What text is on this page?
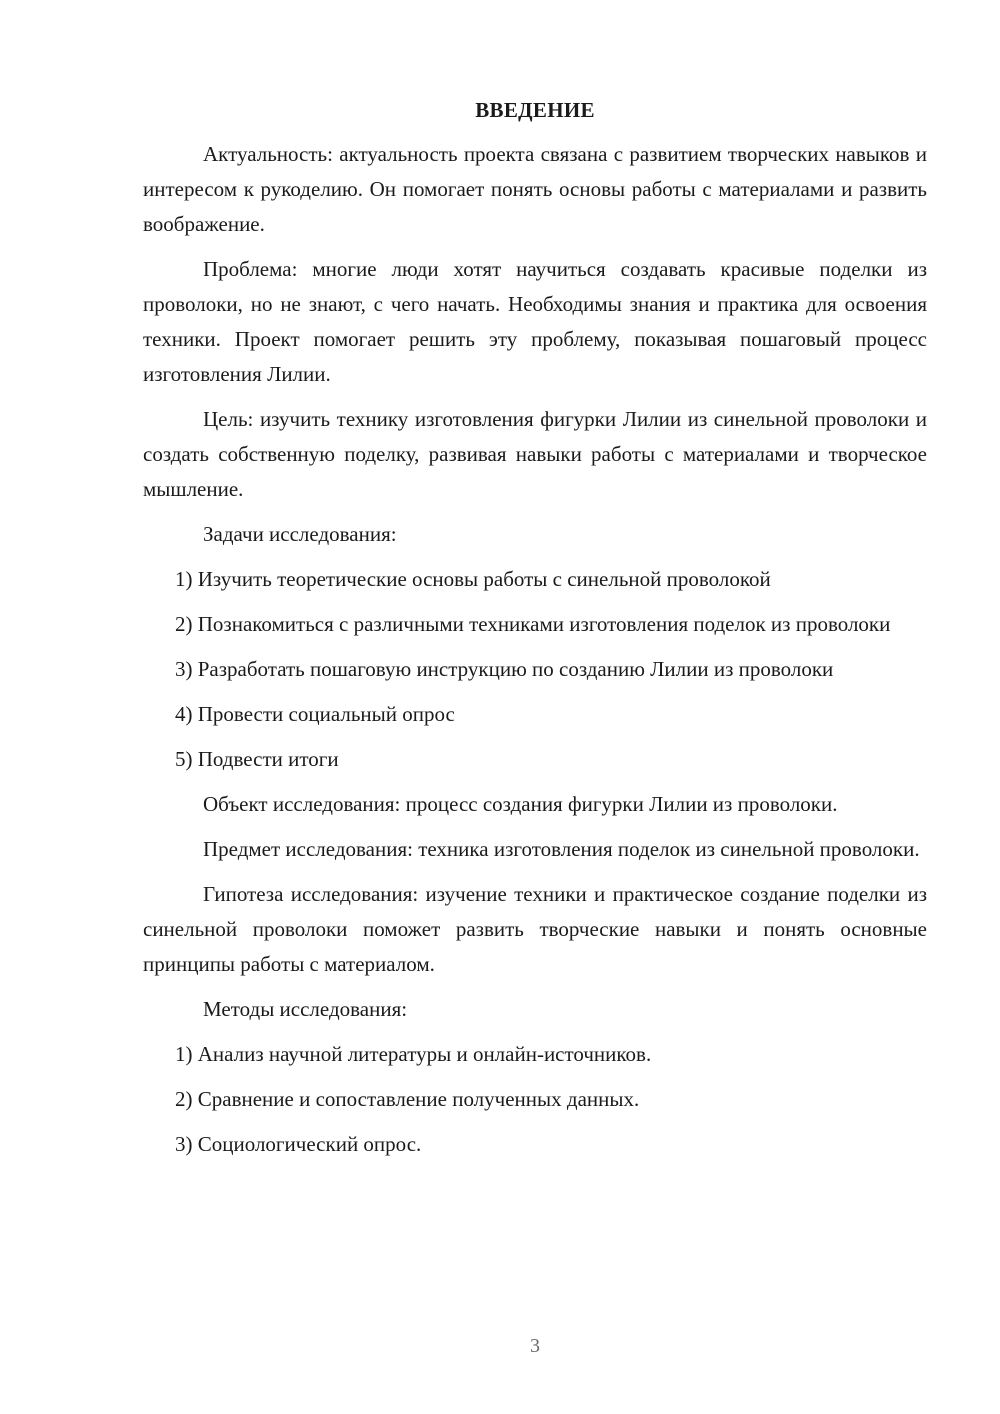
ВВЕДЕНИЕ

Актуальность: актуальность проекта связана с развитием творческих навыков и интересом к рукоделию. Он помогает понять основы работы с материалами и развить воображение.

Проблема: многие люди хотят научиться создавать красивые поделки из проволоки, но не знают, с чего начать. Необходимы знания и практика для освоения техники. Проект помогает решить эту проблему, показывая пошаговый процесс изготовления Лилии.

Цель: изучить технику изготовления фигурки Лилии из синельной проволоки и создать собственную поделку, развивая навыки работы с материалами и творческое мышление.

Задачи исследования:

1) Изучить теоретические основы работы с синельной проволокой

2) Познакомиться с различными техниками изготовления поделок из проволоки

3) Разработать пошаговую инструкцию по созданию Лилии из проволоки

4) Провести социальный опрос

5) Подвести итоги

Объект исследования: процесс создания фигурки Лилии из проволоки.

Предмет исследования: техника изготовления поделок из синельной проволоки.

Гипотеза исследования: изучение техники и практическое создание поделки из синельной проволоки поможет развить творческие навыки и понять основные принципы работы с материалом.

Методы исследования:

1) Анализ научной литературы и онлайн-источников.

2) Сравнение и сопоставление полученных данных.

3) Социологический опрос.

3
